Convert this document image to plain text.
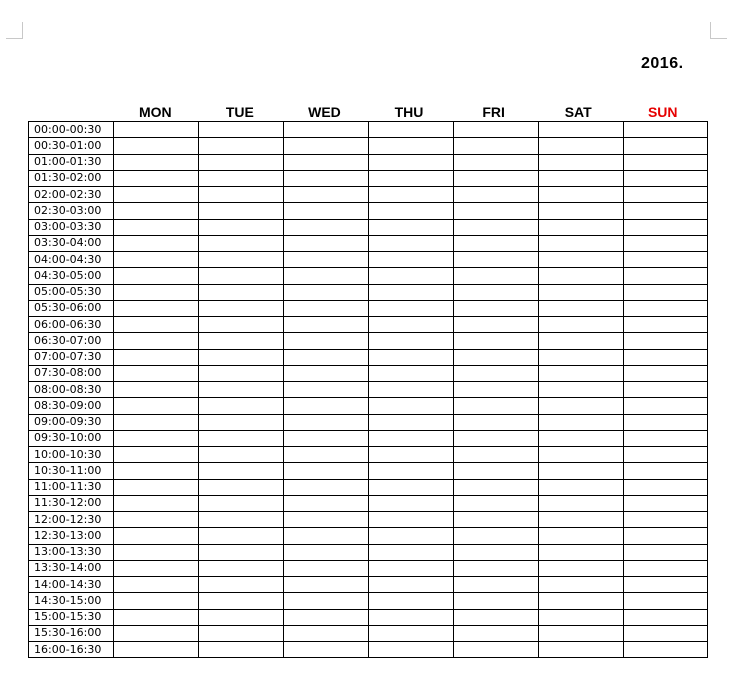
2016.
MON	TUE	WED	THU	FRI	SAT	SUN
00:00-00:30							
00:30-01:00							
01:00-01:30							
01:30-02:00							
02:00-02:30							
02:30-03:00							
03:00-03:30							
03:30-04:00							
04:00-04:30							
04:30-05:00							
05:00-05:30							
05:30-06:00							
06:00-06:30							
06:30-07:00							
07:00-07:30							
07:30-08:00							
08:00-08:30							
08:30-09:00							
09:00-09:30							
09:30-10:00							
10:00-10:30							
10:30-11:00							
11:00-11:30							
11:30-12:00							
12:00-12:30							
12:30-13:00							
13:00-13:30							
13:30-14:00							
14:00-14:30							
14:30-15:00							
15:00-15:30							
15:30-16:00							
16:00-16:30							
